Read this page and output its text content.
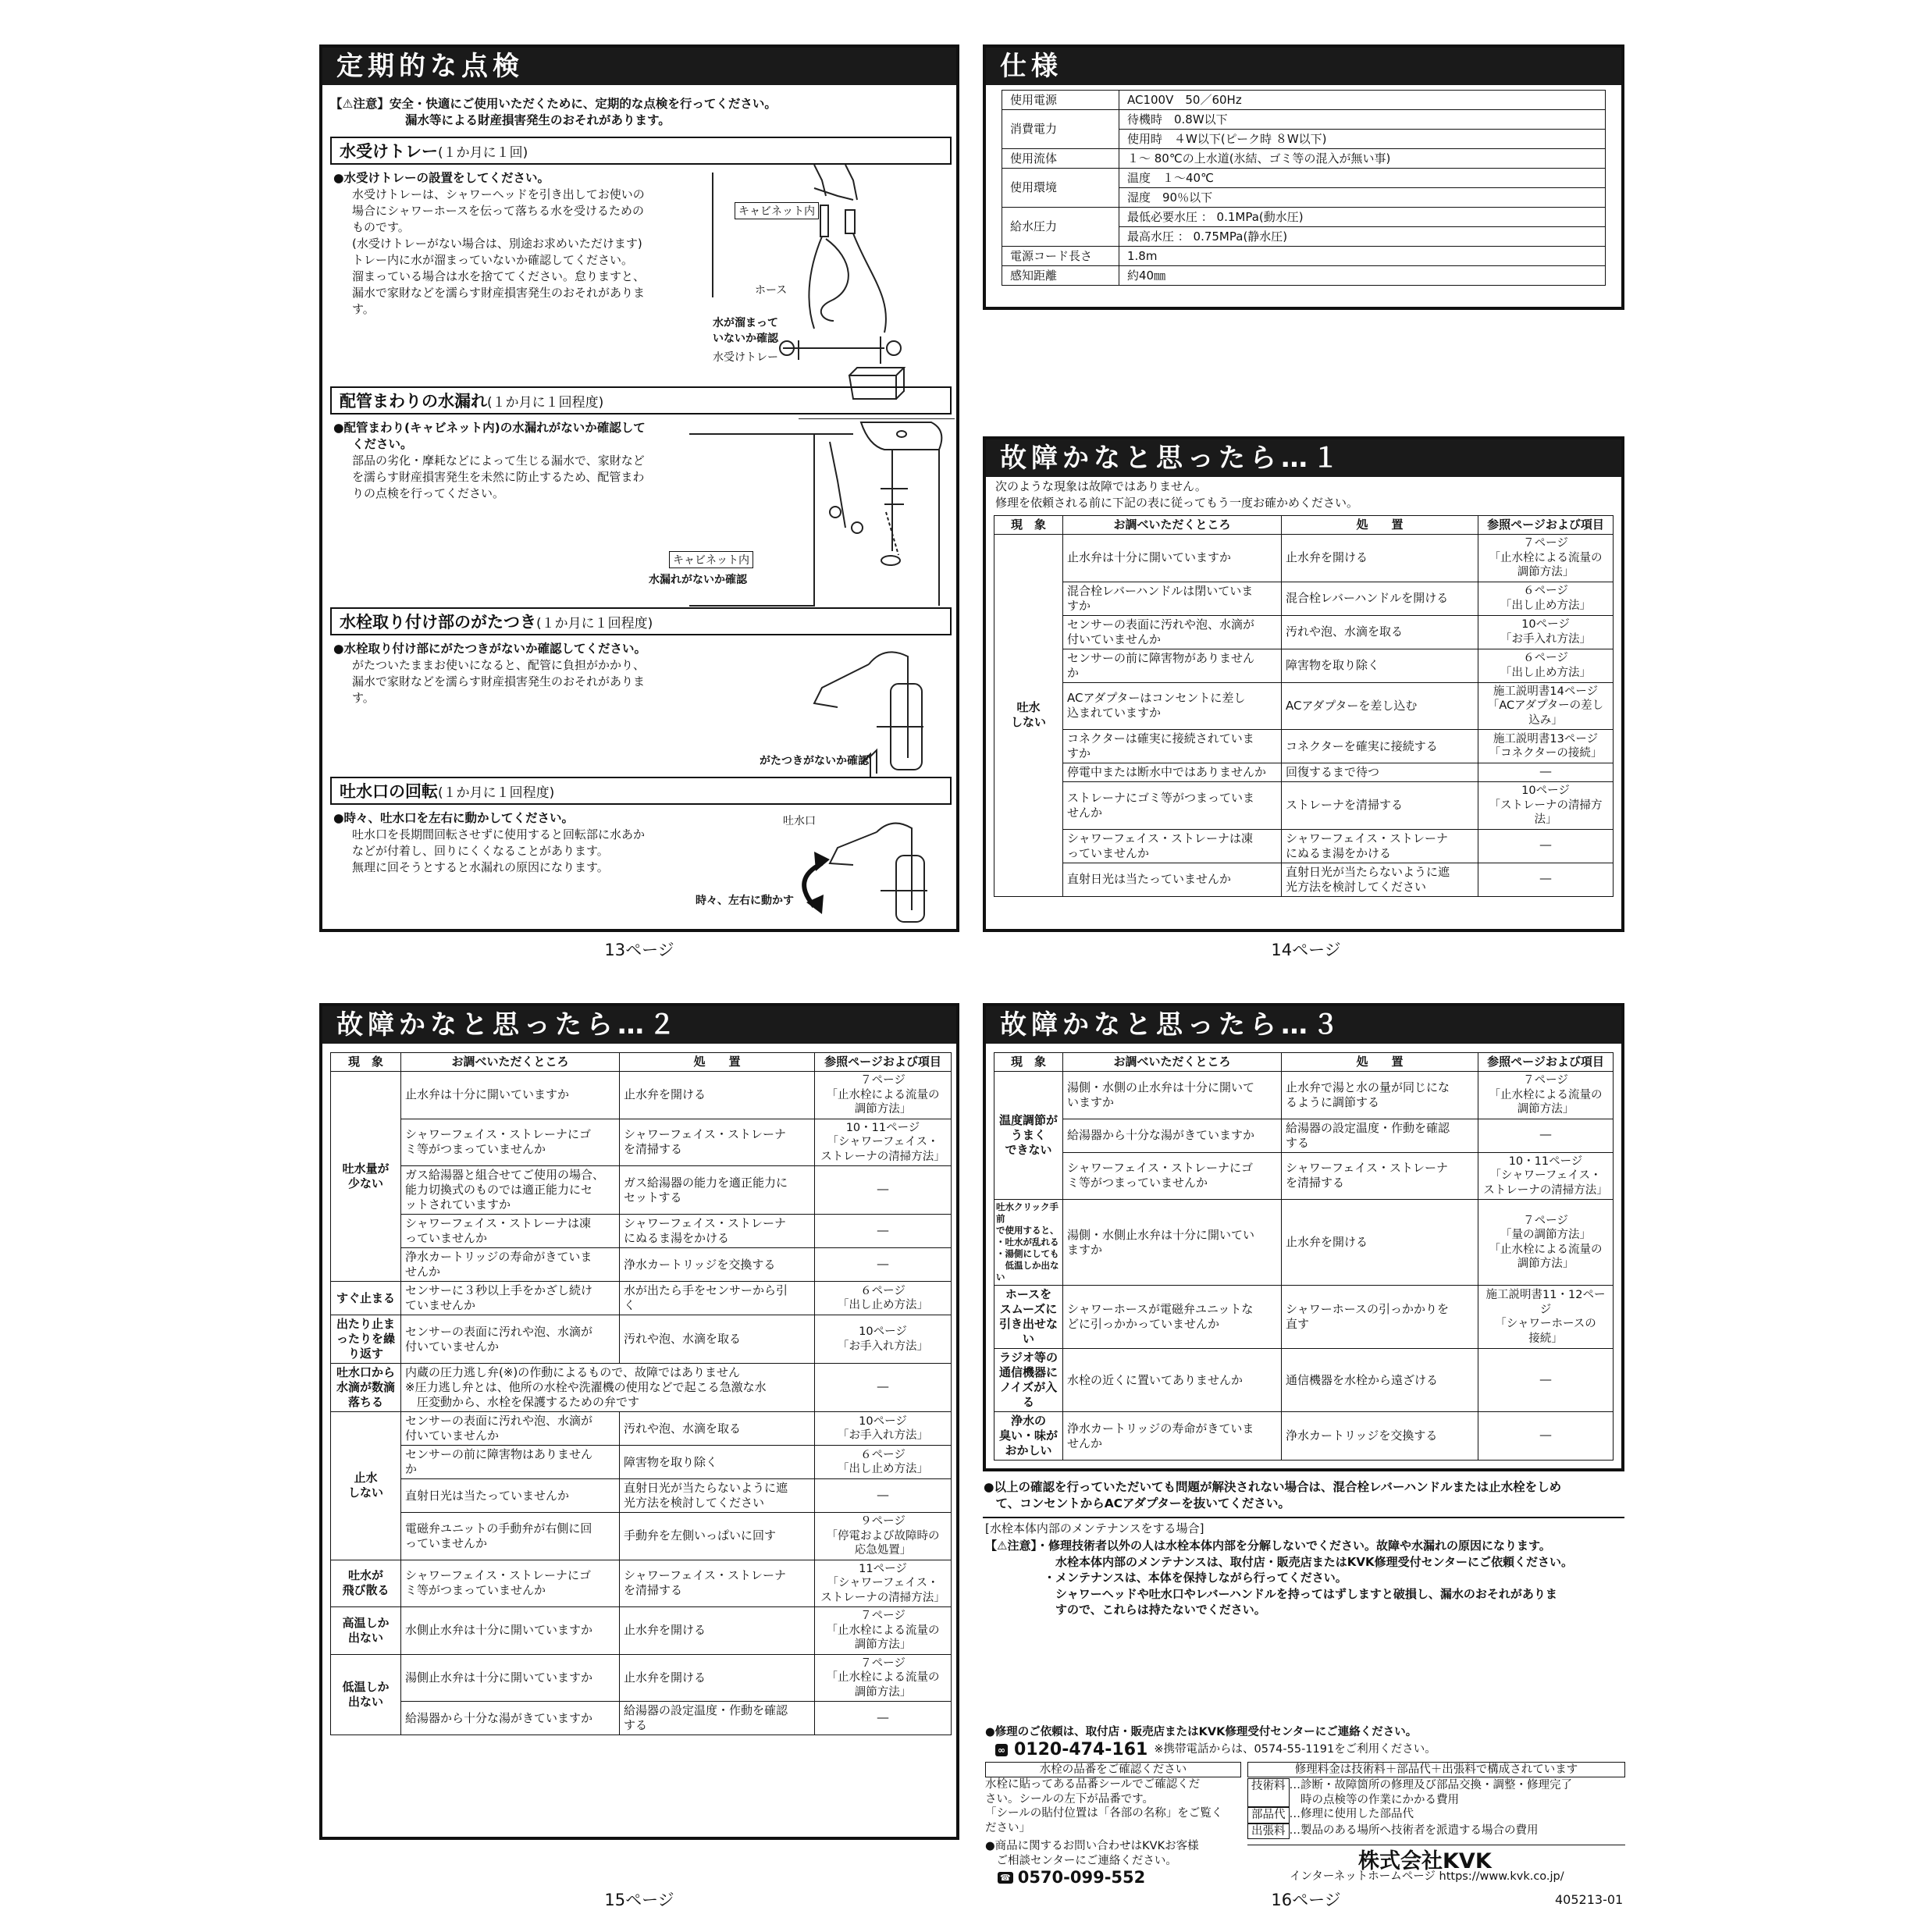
定期的な点検
【⚠注意】安全・快適にご使用いただくために、定期的な点検を行ってください。
漏水等による財産損害発生のおそれがあります。
水受けトレー(１か月に１回)
●水受けトレーの設置をしてください。
水受けトレーは、シャワーヘッドを引き出してお使いの
場合にシャワーホースを伝って落ちる水を受けるための
ものです。
(水受けトレーがない場合は、別途お求めいただけます)
トレー内に水が溜まっていないか確認してください。
溜まっている場合は水を捨ててください。怠りますと、
漏水で家財などを濡らす財産損害発生のおそれがありま
す。
キャビネット内
ホース
水が溜まって
いないか確認
水受けトレー
配管まわりの水漏れ(１か月に１回程度)
●配管まわり(キャビネット内)の水漏れがないか確認して
ください。
部品の劣化・摩耗などによって生じる漏水で、家財など
を濡らす財産損害発生を未然に防止するため、配管まわ
りの点検を行ってください。
キャビネット内
水漏れがないか確認
水栓取り付け部のがたつき(１か月に１回程度)
●水栓取り付け部にがたつきがないか確認してください。
がたついたままお使いになると、配管に負担がかかり、
漏水で家財などを濡らす財産損害発生のおそれがありま
す。
がたつきがないか確認
吐水口の回転(１か月に１回程度)
●時々、吐水口を左右に動かしてください。
吐水口を長期間回転させずに使用すると回転部に水あか
などが付着し、回りにくくなることがあります。
無理に回そうとすると水漏れの原因になります。
吐水口
時々、左右に動かす
13ページ
仕様
使用電源	AC100V　50／60Hz
消費電力	待機時　0.8W以下
	使用時　４W以下(ピーク時 ８W以下)
使用流体	１～ 80℃の上水道(氷結、ゴミ等の混入が無い事)
使用環境	温度　１～40℃
	湿度　90％以下
給水圧力	最低必要水圧 ： 0.1MPa(動水圧)
	最高水圧 ： 0.75MPa(静水圧)
電源コード長さ	1.8m
感知距離	約40㎜
故障かなと思ったら…１
次のような現象は故障ではありません。
修理を依頼される前に下記の表に従ってもう一度お確かめください。
現　象	お調べいただくところ	処　　置	参照ページおよび項目
吐水
しない	止水弁は十分に開いていますか	止水弁を開ける	７ページ
「止水栓による流量の
調節方法」
	混合栓レバーハンドルは閉いていま
すか	混合栓レバーハンドルを開ける	６ページ
「出し止め方法」
	センサーの表面に汚れや泡、水滴が
付いていませんか	汚れや泡、水滴を取る	10ページ
「お手入れ方法」
	センサーの前に障害物がありません
か	障害物を取り除く	６ページ
「出し止め方法」
	ACアダプターはコンセントに差し
込まれていますか	ACアダプターを差し込む	施工説明書14ページ
「ACアダプターの差し込み」
	コネクターは確実に接続されていま
すか	コネクターを確実に接続する	施工説明書13ページ
「コネクターの接続」
	停電中または断水中ではありませんか	回復するまで待つ	―
	ストレーナにゴミ等がつまっていま
せんか	ストレーナを清掃する	10ページ
「ストレーナの清掃方法」
	シャワーフェイス・ストレーナは凍
っていませんか	シャワーフェイス・ストレーナ
にぬるま湯をかける	―
	直射日光は当たっていませんか	直射日光が当たらないように遮
光方法を検討してください	―
14ページ
故障かなと思ったら…２
現　象	お調べいただくところ	処　　置	参照ページおよび項目
吐水量が
少ない	止水弁は十分に開いていますか	止水弁を開ける	７ページ
「止水栓による流量の
調節方法」
	シャワーフェイス・ストレーナにゴ
ミ等がつまっていませんか	シャワーフェイス・ストレーナ
を清掃する	10・11ページ
「シャワーフェイス・
ストレーナの清掃方法」
	ガス給湯器と組合せてご使用の場合、
能力切換式のものでは適正能力にセ
ットされていますか	ガス給湯器の能力を適正能力に
セットする	―
	シャワーフェイス・ストレーナは凍
っていませんか	シャワーフェイス・ストレーナ
にぬるま湯をかける	―
	浄水カートリッジの寿命がきていま
せんか	浄水カートリッジを交換する	―
すぐ止まる	センサーに３秒以上手をかざし続け
ていませんか	水が出たら手をセンサーから引
く	６ページ
「出し止め方法」
出たり止ま
ったりを繰
り返す	センサーの表面に汚れや泡、水滴が
付いていませんか	汚れや泡、水滴を取る	10ページ
「お手入れ方法」
吐水口から
水滴が数滴
落ちる	内蔵の圧力逃し弁(※)の作動によるもので、故障ではありません
※圧力逃し弁とは、他所の水栓や洗濯機の使用などで起こる急激な水
　圧変動から、水栓を保護するための弁です		―
止水
しない	センサーの表面に汚れや泡、水滴が
付いていませんか	汚れや泡、水滴を取る	10ページ
「お手入れ方法」
	センサーの前に障害物はありません
か	障害物を取り除く	６ページ
「出し止め方法」
	直射日光は当たっていませんか	直射日光が当たらないように遮
光方法を検討してください	―
	電磁弁ユニットの手動弁が右側に回
っていませんか	手動弁を左側いっぱいに回す	９ページ
「停電および故障時の
応急処置」
吐水が
飛び散る	シャワーフェイス・ストレーナにゴ
ミ等がつまっていませんか	シャワーフェイス・ストレーナ
を清掃する	11ページ
「シャワーフェイス・
ストレーナの清掃方法」
高温しか
出ない	水側止水弁は十分に開いていますか	止水弁を開ける	７ページ
「止水栓による流量の
調節方法」
低温しか
出ない	湯側止水弁は十分に開いていますか	止水弁を開ける	７ページ
「止水栓による流量の
調節方法」
	給湯器から十分な湯がきていますか	給湯器の設定温度・作動を確認
する	―
15ページ
故障かなと思ったら…３
現　象	お調べいただくところ	処　　置	参照ページおよび項目
温度調節が
うまく
できない	湯側・水側の止水弁は十分に開いて
いますか	止水弁で湯と水の量が同じにな
るように調節する	７ページ
「止水栓による流量の
調節方法」
	給湯器から十分な湯がきていますか	給湯器の設定温度・作動を確認
する	―
	シャワーフェイス・ストレーナにゴ
ミ等がつまっていませんか	シャワーフェイス・ストレーナ
を清掃する	10・11ページ
「シャワーフェイス・
ストレーナの清掃方法」
吐水クリック手前
で使用すると、
・吐水が乱れる
・湯側にしても
　低温しか出ない	湯側・水側止水弁は十分に開いてい
ますか	止水弁を開ける	７ページ
「量の調節方法」
「止水栓による流量の
調節方法」
ホースを
スムーズに
引き出せない	シャワーホースが電磁弁ユニットな
どに引っかかっていませんか	シャワーホースの引っかかりを
直す	施工説明書11・12ページ
「シャワーホースの
接続」
ラジオ等の
通信機器に
ノイズが入る	水栓の近くに置いてありませんか	通信機器を水栓から遠ざける	―
浄水の
臭い・味が
おかしい	浄水カートリッジの寿命がきていま
せんか	浄水カートリッジを交換する	―
●以上の確認を行っていただいても問題が解決されない場合は、混合栓レバーハンドルまたは止水栓をしめ
　て、コンセントからACアダプターを抜いてください。
[水栓本体内部のメンテナンスをする場合]
【⚠注意】・修理技術者以外の人は水栓本体内部を分解しないでください。故障や水漏れの原因になります。
　　　　　　水栓本体内部のメンテナンスは、取付店・販売店またはKVK修理受付センターにご依頼ください。
　　　　　・メンテナンスは、本体を保持しながら行ってください。
　　　　　　シャワーヘッドや吐水口やレバーハンドルを持ってはずしますと破損し、漏水のおそれがありま
　　　　　　すので、これらは持たないでください。
●修理のご依頼は、取付店・販売店またはKVK修理受付センターにご連絡ください。
∞ 0120-474-161 ※携帯電話からは、0574-55-1191をご利用ください。
水栓の品番をご確認ください
水栓に貼ってある品番シールでご確認くだ
さい。シールの左下が品番です。
「シールの貼付位置は「各部の名称」をご覧く
ださい」
修理料金は技術料＋部品代＋出張料で構成されています
技術料 …診断・故障箇所の修理及び部品交換・調整・修理完了
　時の点検等の作業にかかる費用
部品代 …修理に使用した部品代
出張料 …製品のある場所へ技術者を派遣する場合の費用
●商品に関するお問い合わせはKVKお客様
　ご相談センターにご連絡ください。
☎ 0570-099-552
株式会社KVK
インターネットホームページ https://www.kvk.co.jp/
16ページ	405213-01
